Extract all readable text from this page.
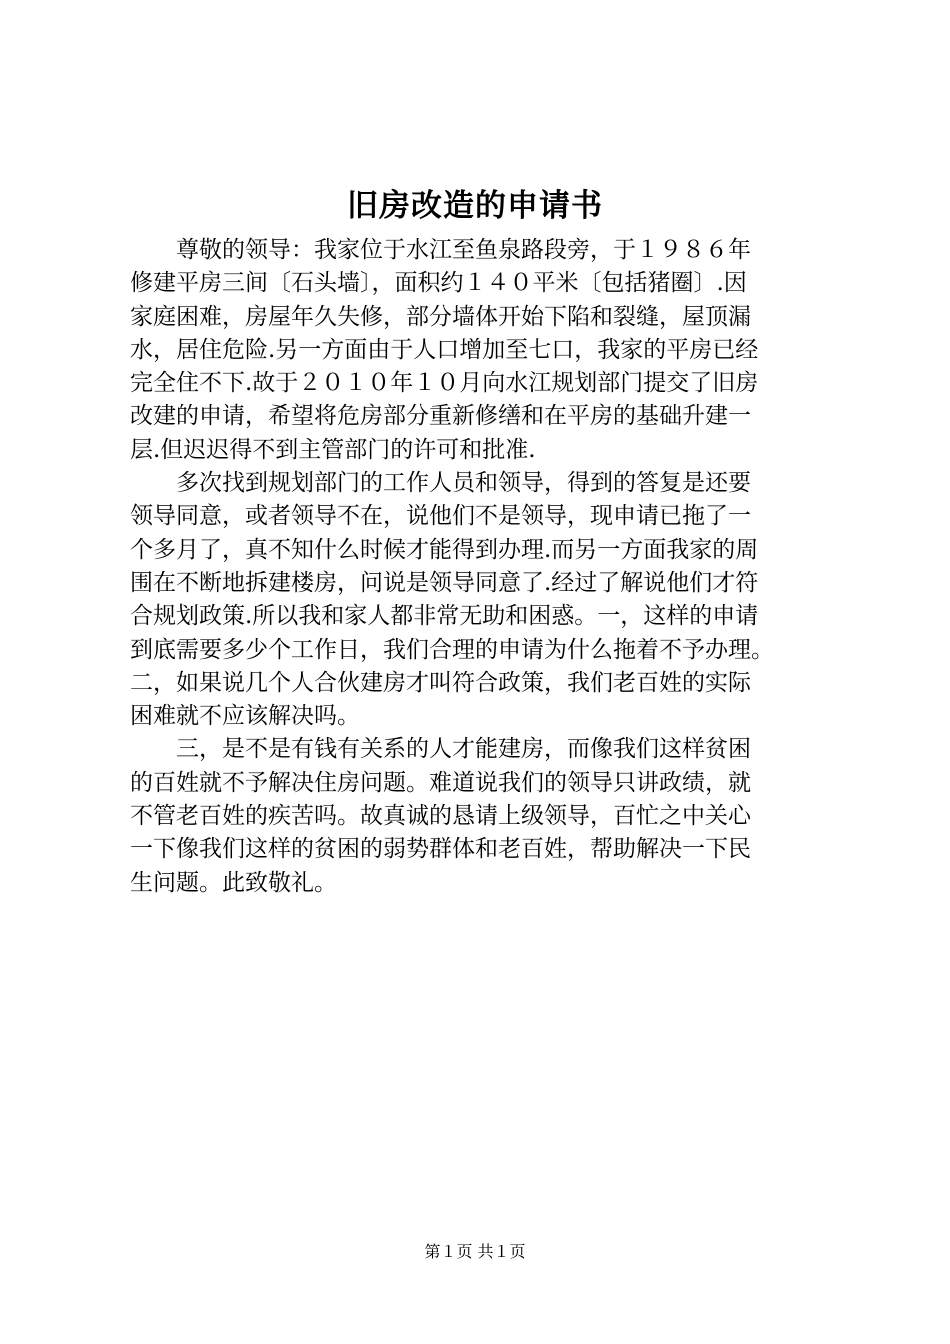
旧房改造的申请书
　　尊敬的领导：我家位于水江至鱼泉路段旁，于１９８６年
修建平房三间〔石头墙〕，面积约１４０平米〔包括猪圈〕.因
家庭困难，房屋年久失修，部分墙体开始下陷和裂缝，屋顶漏
水，居住危险.另一方面由于人口增加至七口，我家的平房已经
完全住不下.故于２０１０年１０月向水江规划部门提交了旧房
改建的申请，希望将危房部分重新修缮和在平房的基础升建一
层.但迟迟得不到主管部门的许可和批准.
　　多次找到规划部门的工作人员和领导，得到的答复是还要
领导同意，或者领导不在，说他们不是领导，现申请已拖了一
个多月了，真不知什么时候才能得到办理.而另一方面我家的周
围在不断地拆建楼房，问说是领导同意了.经过了解说他们才符
合规划政策.所以我和家人都非常无助和困惑。一，这样的申请
到底需要多少个工作日，我们合理的申请为什么拖着不予办理。
二，如果说几个人合伙建房才叫符合政策，我们老百姓的实际
困难就不应该解决吗。
　　三，是不是有钱有关系的人才能建房，而像我们这样贫困
的百姓就不予解决住房问题。难道说我们的领导只讲政绩，就
不管老百姓的疾苦吗。故真诚的恳请上级领导，百忙之中关心
一下像我们这样的贫困的弱势群体和老百姓，帮助解决一下民
生问题。此致敬礼。
第１页 共１页
